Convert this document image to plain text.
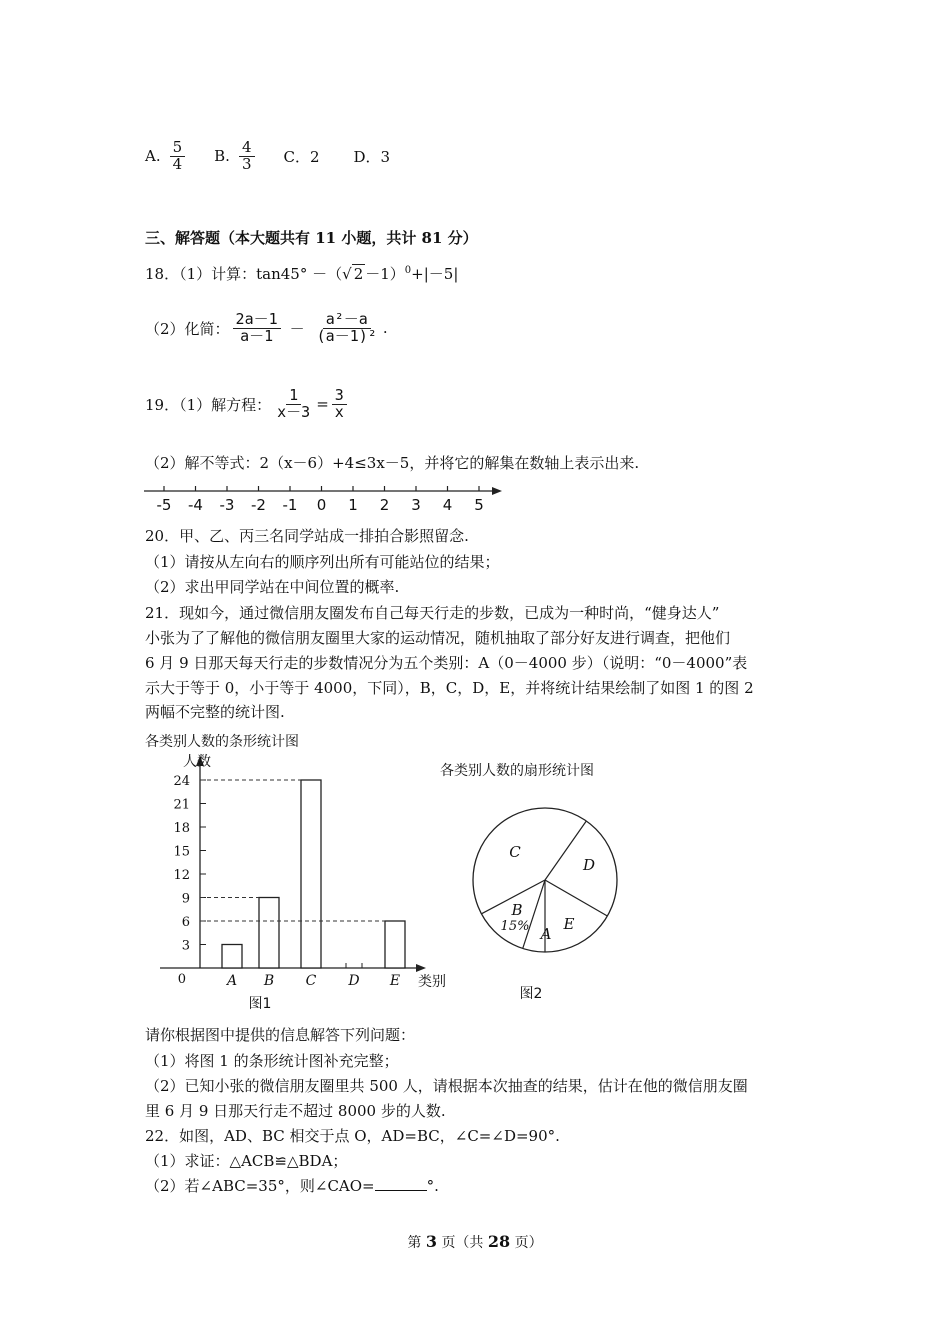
A. $\frac{5}{4} B$. $\frac{4}{3}$ C．2 D．3
三、解答题（本大题共有 11 小题，共计 81 分）
18．（1）计算：tan45° －（√ 2 －1）$^0$+|－5|
（2）化简： $\frac{2a-1}{a-1} - \frac{\text{a²－a}}{\text{(a－1)²}}$ .
19．（1）解方程： $\frac{1}{x-3} = \frac{3}{x}$
（2）解不等式：2（x－6）+4≤3x－5，并将它的解集在数轴上表示出来.
-5 -4 -3 -2 -1 0 1 2 3 4 5
20．甲、乙、丙三名同学站成一排拍合影照留念.
（1）请按从左向右的顺序列出所有可能站位的结果；
（2）求出甲同学站在中间位置的概率.
21．现如今，通过微信朋友圈发布自己每天行走的步数，已成为一种时尚，“健身达人”
小张为了了解他的微信朋友圈里大家的运动情况，随机抽取了部分好友进行调查，把他们
6 月 9 日那天每天行走的步数情况分为五个类别：A（0－4000 步）（说明：“0－4000”表
示大于等于 0，小于等于 4000，下同），B，C，D，E，并将统计结果绘制了如图 1 的图 2
两幅不完整的统计图.
各类别人数的条形统计图
人数
类别
0
3
6
9
12
15
18
21
24
A B C D E
图1
各类别人数的扇形统计图
C
D
E
A
B
15%
图2
请你根据图中提供的信息解答下列问题：
（1）将图 1 的条形统计图补充完整；
（2）已知小张的微信朋友圈里共 500 人，请根据本次抽查的结果，估计在他的微信朋友圈
里 6 月 9 日那天行走不超过 8000 步的人数.
22．如图，AD、BC 相交于点 O，AD=BC，∠C=∠D=90°.
（1）求证：△ACB≌△BDA；
（2）若∠ABC=35°，则∠CAO=	°.
第 3 页（共 28 页）
